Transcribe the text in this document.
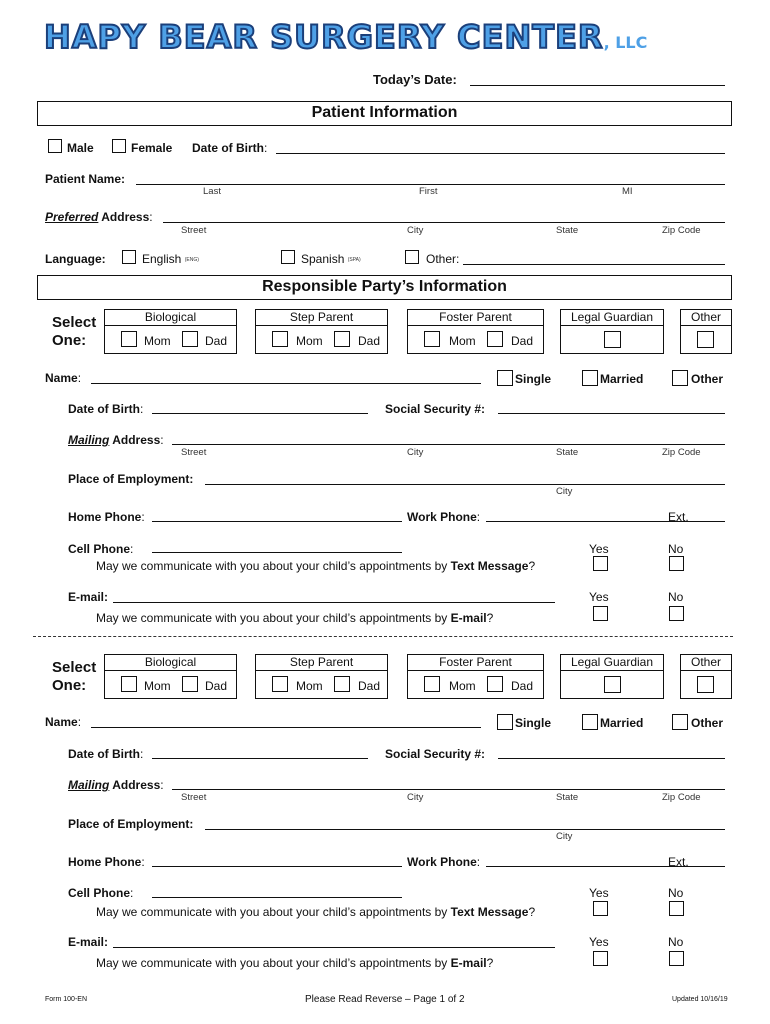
HAPY BEAR SURGERY CENTER, LLC
Today’s Date:
Patient Information
Male	Female Date of Birth:
Patient Name:
Last	First	MI
Preferred Address:
Street	City	State	Zip Code
Language:	English (ENG)	Spanish (SPA)	Other:
Responsible Party’s Information
Select
One:
Biological
Mom	Dad
Step Parent
Mom	Dad
Foster Parent
Mom	Dad
Legal Guardian	Other
Name:	Single	Married	Other
Date of Birth:	Social Security #:
Mailing Address:
Street	City	State	Zip Code
Place of Employment:
City
Home Phone:	Work Phone:	Ext.
Cell Phone:	Yes	No
May we communicate with you about your child’s appointments by Text Message?
E-mail:	Yes	No
May we communicate with you about your child’s appointments by E-mail?
Select
One:
Biological
Mom	Dad
Step Parent
Mom	Dad
Foster Parent
Mom	Dad
Legal Guardian	Other
Name:	Single	Married	Other
Date of Birth:	Social Security #:
Mailing Address:
Street	City	State	Zip Code
Place of Employment:
City
Home Phone:	Work Phone:	Ext.
Cell Phone:	Yes	No
May we communicate with you about your child’s appointments by Text Message?
E-mail:	Yes	No
May we communicate with you about your child’s appointments by E-mail?
Form 100-EN	Please Read Reverse – Page 1 of 2	Updated 10/16/19
